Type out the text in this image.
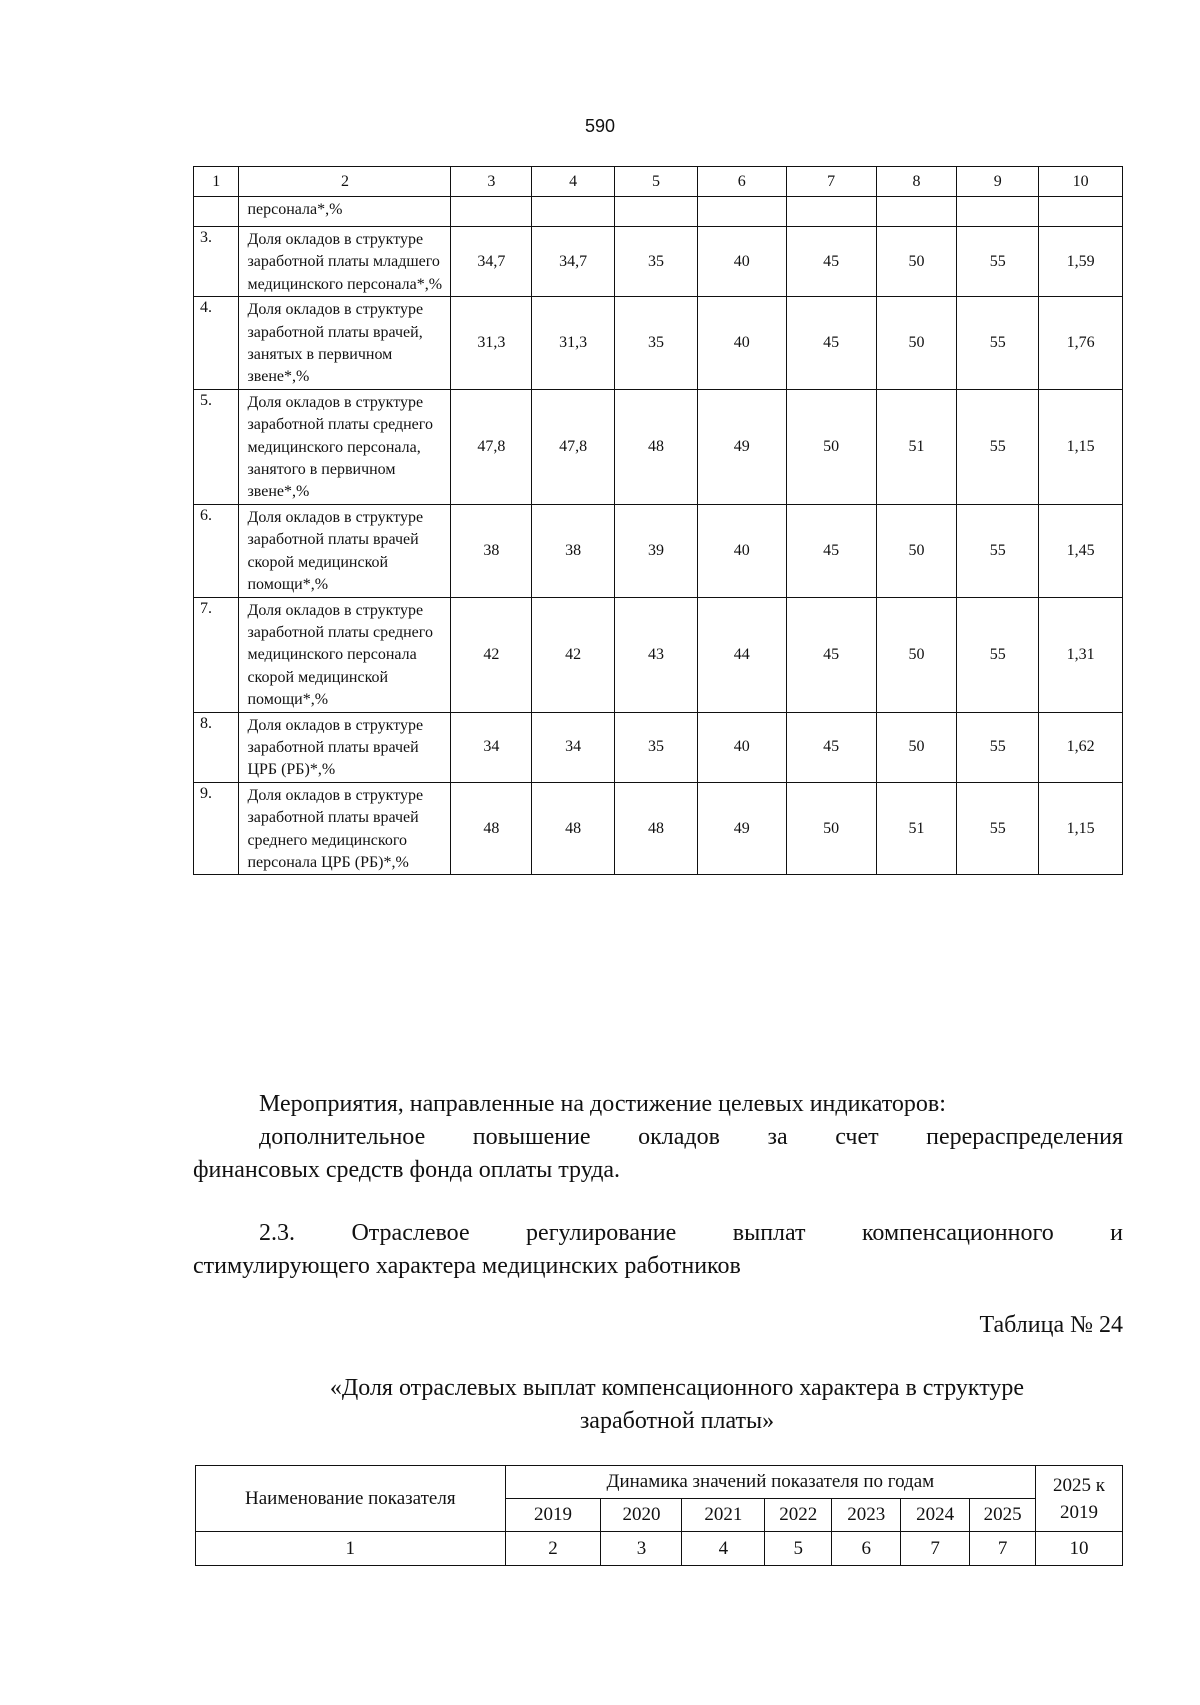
590
1	2	3	4	5	6	7	8	9	10
	персонала*,%								
3.	Доля окладов в структуре заработной платы младшего медицинского персонала*,%	34,7	34,7	35	40	45	50	55	1,59
4.	Доля окладов в структуре заработной платы врачей, занятых в первичном звене*,%	31,3	31,3	35	40	45	50	55	1,76
5.	Доля окладов в структуре заработной платы среднего медицинского персонала, занятого в первичном звене*,%	47,8	47,8	48	49	50	51	55	1,15
6.	Доля окладов в структуре заработной платы врачей скорой медицинской помощи*,%	38	38	39	40	45	50	55	1,45
7.	Доля окладов в структуре заработной платы среднего медицинского персонала скорой медицинской помощи*,%	42	42	43	44	45	50	55	1,31
8.	Доля окладов в структуре заработной платы врачей ЦРБ (РБ)*,%	34	34	35	40	45	50	55	1,62
9.	Доля окладов в структуре заработной платы врачей среднего медицинского персонала ЦРБ (РБ)*,%	48	48	48	49	50	51	55	1,15
Мероприятия, направленные на достижение целевых индикаторов:
дополнительное повышение окладов за счет перераспределения
финансовых средств фонда оплаты труда.
2.3. Отраслевое регулирование выплат компенсационного и
стимулирующего характера медицинских работников
Таблица № 24
«Доля отраслевых выплат компенсационного характера в структуре
заработной платы»
Наименование показателя	Динамика значений показателя по годам							2025 к 2019
	2019	2020	2021	2022	2023	2024	2025	
1	2	3	4	5	6	7	7	10
